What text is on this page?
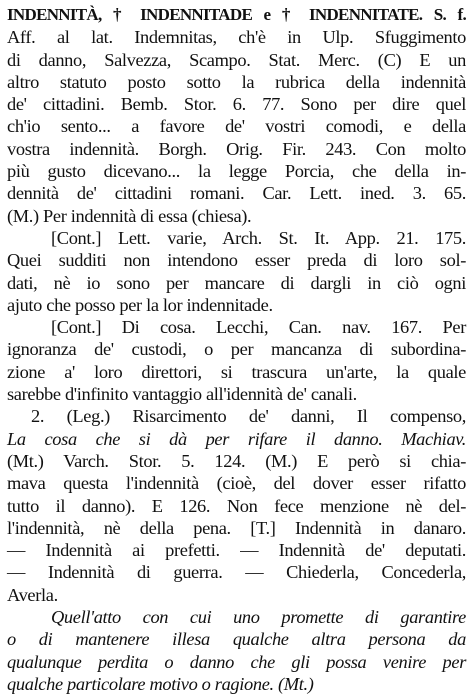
INDENNITÀ, † INDENNITADE e † INDENNITATE. S. f.
Aff. al lat. Indemnitas, ch'è in Ulp. Sfuggimento
di danno, Salvezza, Scampo. Stat. Merc. (C) E un
altro statuto posto sotto la rubrica della indennità
de' cittadini. Bemb. Stor. 6. 77. Sono per dire quel
ch'io sento... a favore de' vostri comodi, e della
vostra indennità. Borgh. Orig. Fir. 243. Con molto
più gusto dicevano... la legge Porcia, che della in-
dennità de' cittadini romani. Car. Lett. ined. 3. 65.
(M.) Per indennità di essa (chiesa).
[Cont.] Lett. varie, Arch. St. It. App. 21. 175.
Quei sudditi non intendono esser preda di loro sol-
dati, nè io sono per mancare di dargli in ciò ogni
ajuto che posso per la lor indennitade.
[Cont.] Di cosa. Lecchi, Can. nav. 167. Per
ignoranza de' custodi, o per mancanza di subordina-
zione a' loro direttori, si trascura un'arte, la quale
sarebbe d'infinito vantaggio all'idennità de' canali.
2. (Leg.) Risarcimento de' danni, Il compenso,
La cosa che si dà per rifare il danno. Machiav.
(Mt.) Varch. Stor. 5. 124. (M.) E però si chia-
mava questa l'indennità (cioè, del dover esser rifatto
tutto il danno). E 126. Non fece menzione nè del-
l'indennità, nè della pena. [T.] Indennità in danaro.
— Indennità ai prefetti. — Indennità de' deputati.
— Indennità di guerra. — Chiederla, Concederla,
Averla.
Quell'atto con cui uno promette di garantire
o di mantenere illesa qualche altra persona da
qualunque perdita o danno che gli possa venire per
qualche particolare motivo o ragione. (Mt.)
